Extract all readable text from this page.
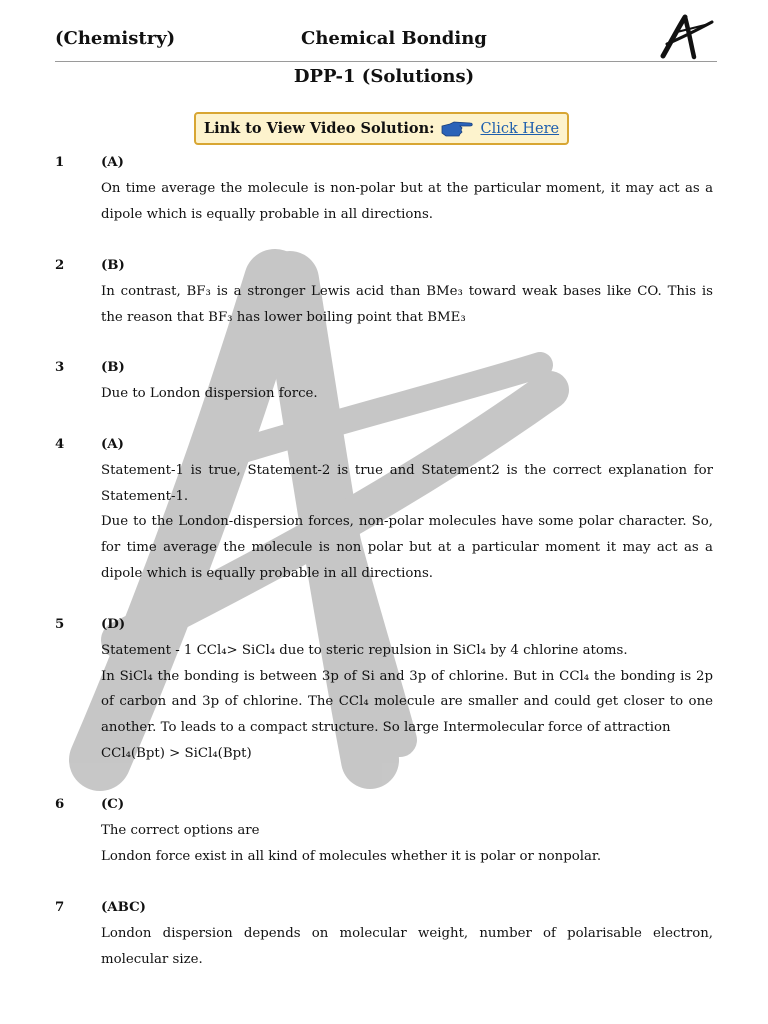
(Chemistry)	Chemical Bonding
DPP-1 (Solutions)
Link to View Video Solution:	Click Here
1	(A)

On time average the molecule is non-polar but at the particular moment, it may act as a dipole which is equally probable in all directions.

2	(B)

In contrast, BF₃ is a stronger Lewis acid than BMe₃ toward weak bases like CO. This is the reason that BF₃ has lower boiling point that BME₃

3	(B)

Due to London dispersion force.

4	(A)

Statement-1 is true, Statement-2 is true and Statement2 is the correct explanation for Statement-1.

Due to the London-dispersion forces, non-polar molecules have some polar character. So, for time average the molecule is non polar but at a particular moment it may act as a dipole which is equally probable in all directions.

5	(D)

Statement - 1 CCl₄> SiCl₄ due to steric repulsion in SiCl₄ by 4 chlorine atoms.

In SiCl₄ the bonding is between 3p of Si and 3p of chlorine. But in CCl₄ the bonding is 2p of carbon and 3p of chlorine. The CCl₄ molecule are smaller and could get closer to one another. To leads to a compact structure. So large Intermolecular force of attraction

CCl₄(Bpt) > SiCl₄(Bpt)

6	(C)

The correct options are

London force exist in all kind of molecules whether it is polar or nonpolar.

7	(ABC)

London dispersion depends on molecular weight, number of polarisable electron, molecular size.
